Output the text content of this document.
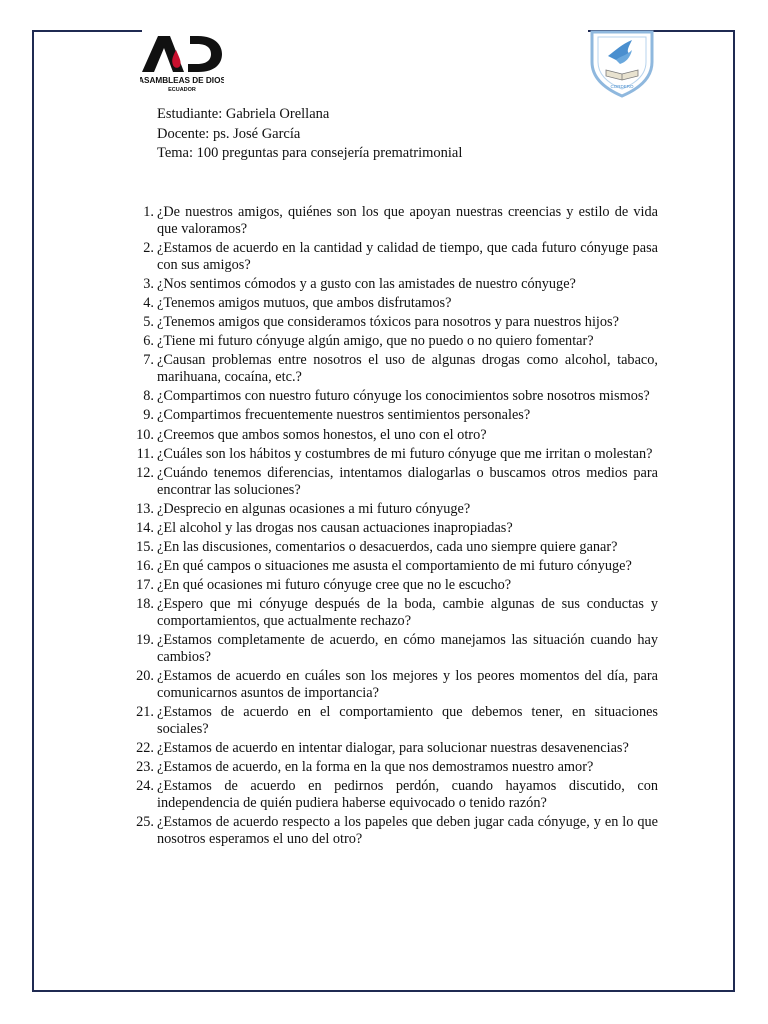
ASAMBLEAS DE DIOS
ECUADOR
CORDERO
Estudiante: Gabriela Orellana
Docente: ps. José García
Tema: 100 preguntas para consejería prematrimonial
1. ¿De nuestros amigos, quiénes son los que apoyan nuestras creencias y estilo de vida que valoramos?
2. ¿Estamos de acuerdo en la cantidad y calidad de tiempo, que cada futuro cónyuge pasa con sus amigos?
3. ¿Nos sentimos cómodos y a gusto con las amistades de nuestro cónyuge?
4. ¿Tenemos amigos mutuos, que ambos disfrutamos?
5. ¿Tenemos amigos que consideramos tóxicos para nosotros y para nuestros hijos?
6. ¿Tiene mi futuro cónyuge algún amigo, que no puedo o no quiero fomentar?
7. ¿Causan problemas entre nosotros el uso de algunas drogas como alcohol, tabaco, marihuana, cocaína, etc.?
8. ¿Compartimos con nuestro futuro cónyuge los conocimientos sobre nosotros mismos?
9. ¿Compartimos frecuentemente nuestros sentimientos personales?
10. ¿Creemos que ambos somos honestos, el uno con el otro?
11. ¿Cuáles son los hábitos y costumbres de mi futuro cónyuge que me irritan o molestan?
12. ¿Cuándo tenemos diferencias, intentamos dialogarlas o buscamos otros medios para encontrar las soluciones?
13. ¿Desprecio en algunas ocasiones a mi futuro cónyuge?
14. ¿El alcohol y las drogas nos causan actuaciones inapropiadas?
15. ¿En las discusiones, comentarios o desacuerdos, cada uno siempre quiere ganar?
16. ¿En qué campos o situaciones me asusta el comportamiento de mi futuro cónyuge?
17. ¿En qué ocasiones mi futuro cónyuge cree que no le escucho?
18. ¿Espero que mi cónyuge después de la boda, cambie algunas de sus conductas y comportamientos, que actualmente rechazo?
19. ¿Estamos completamente de acuerdo, en cómo manejamos las situación cuando hay cambios?
20. ¿Estamos de acuerdo en cuáles son los mejores y los peores momentos del día, para comunicarnos asuntos de importancia?
21. ¿Estamos de acuerdo en el comportamiento que debemos tener, en situaciones sociales?
22. ¿Estamos de acuerdo en intentar dialogar, para solucionar nuestras desavenencias?
23. ¿Estamos de acuerdo, en la forma en la que nos demostramos nuestro amor?
24. ¿Estamos de acuerdo en pedirnos perdón, cuando hayamos discutido, con independencia de quién pudiera haberse equivocado o tenido razón?
25. ¿Estamos de acuerdo respecto a los papeles que deben jugar cada cónyuge, y en lo que nosotros esperamos el uno del otro?
